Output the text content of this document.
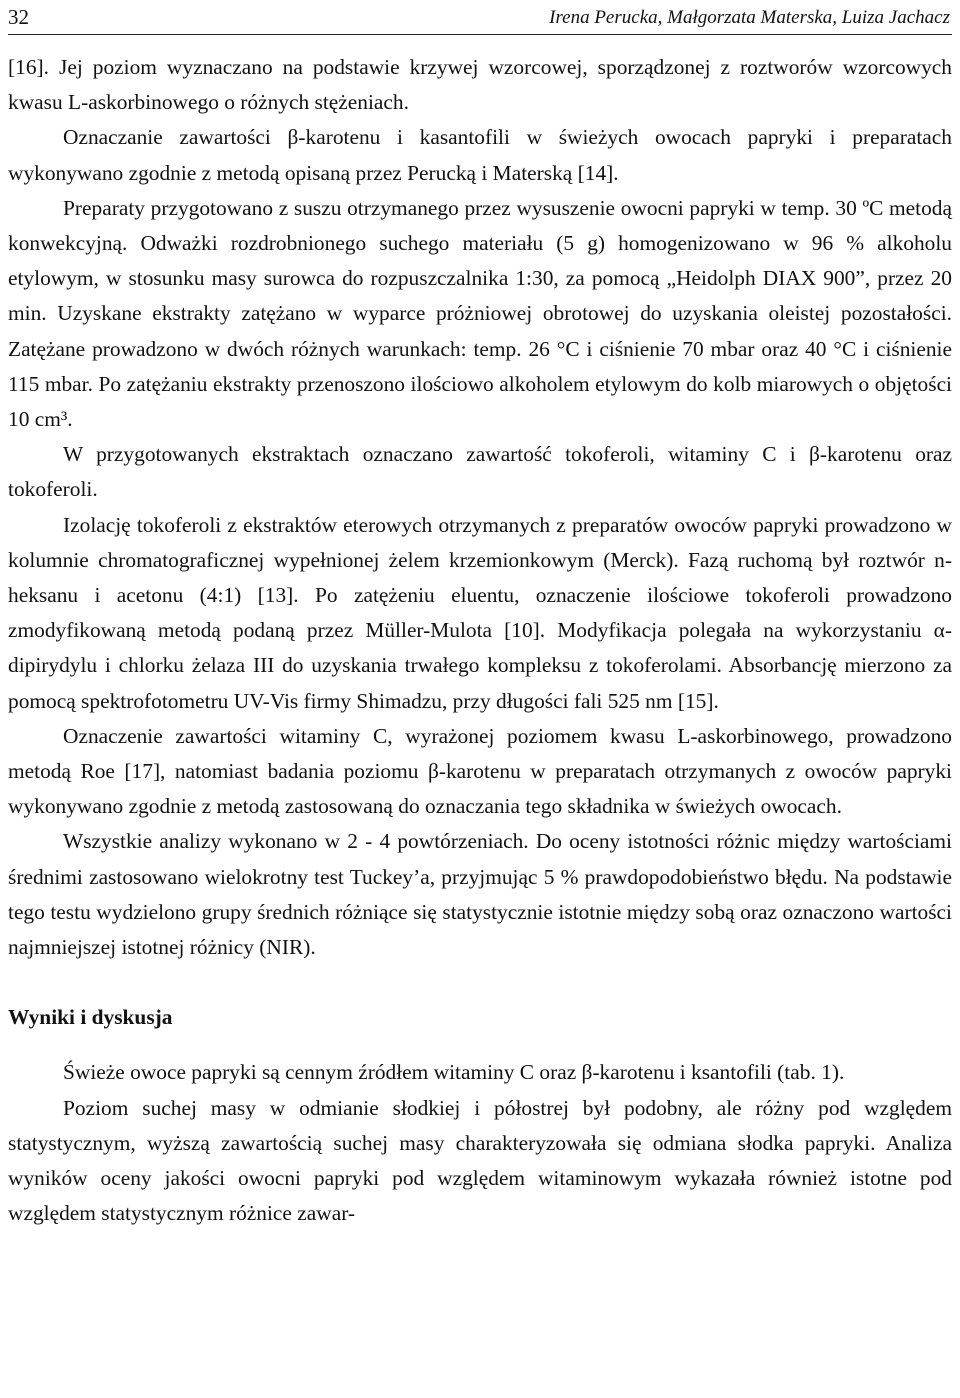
32	Irena Perucka, Małgorzata Materska, Luiza Jachacz

[16]. Jej poziom wyznaczano na podstawie krzywej wzorcowej, sporządzonej z roztworów wzorcowych kwasu L-askorbinowego o różnych stężeniach.

Oznaczanie zawartości β-karotenu i kasantofili w świeżych owocach papryki i preparatach wykonywano zgodnie z metodą opisaną przez Perucką i Materską [14].

Preparaty przygotowano z suszu otrzymanego przez wysuszenie owocni papryki w temp. 30 ºC metodą konwekcyjną. Odważki rozdrobnionego suchego materiału (5 g) homogenizowano w 96 % alkoholu etylowym, w stosunku masy surowca do rozpuszczalnika 1:30, za pomocą „Heidolph DIAX 900”, przez 20 min. Uzyskane ekstrakty zatężano w wyparce próżniowej obrotowej do uzyskania oleistej pozostałości. Zatężane prowadzono w dwóch różnych warunkach: temp. 26 °C i ciśnienie 70 mbar oraz 40 °C i ciśnienie 115 mbar. Po zatężaniu ekstrakty przenoszono ilościowo alkoholem etylowym do kolb miarowych o objętości 10 cm³.

W przygotowanych ekstraktach oznaczano zawartość tokoferoli, witaminy C i β-karotenu oraz tokoferoli.

Izolację tokoferoli z ekstraktów eterowych otrzymanych z preparatów owoców papryki prowadzono w kolumnie chromatograficznej wypełnionej żelem krzemionkowym (Merck). Fazą ruchomą był roztwór n-heksanu i acetonu (4:1) [13]. Po zatężeniu eluentu, oznaczenie ilościowe tokoferoli prowadzono zmodyfikowaną metodą podaną przez Müller-Mulota [10]. Modyfikacja polegała na wykorzystaniu α-dipirydylu i chlorku żelaza III do uzyskania trwałego kompleksu z tokoferolami. Absorbancję mierzono za pomocą spektrofotometru UV-Vis firmy Shimadzu, przy długości fali 525 nm [15].

Oznaczenie zawartości witaminy C, wyrażonej poziomem kwasu L-askorbinowego, prowadzono metodą Roe [17], natomiast badania poziomu β-karotenu w preparatach otrzymanych z owoców papryki wykonywano zgodnie z metodą zastosowaną do oznaczania tego składnika w świeżych owocach.

Wszystkie analizy wykonano w 2 - 4 powtórzeniach. Do oceny istotności różnic między wartościami średnimi zastosowano wielokrotny test Tuckey’a, przyjmując 5 % prawdopodobieństwo błędu. Na podstawie tego testu wydzielono grupy średnich różniące się statystycznie istotnie między sobą oraz oznaczono wartości najmniejszej istotnej różnicy (NIR).

Wyniki i dyskusja

Świeże owoce papryki są cennym źródłem witaminy C oraz β-karotenu i ksantofili (tab. 1).

Poziom suchej masy w odmianie słodkiej i półostrej był podobny, ale różny pod względem statystycznym, wyższą zawartością suchej masy charakteryzowała się odmiana słodka papryki. Analiza wyników oceny jakości owocni papryki pod względem witaminowym wykazała również istotne pod względem statystycznym różnice zawar-
